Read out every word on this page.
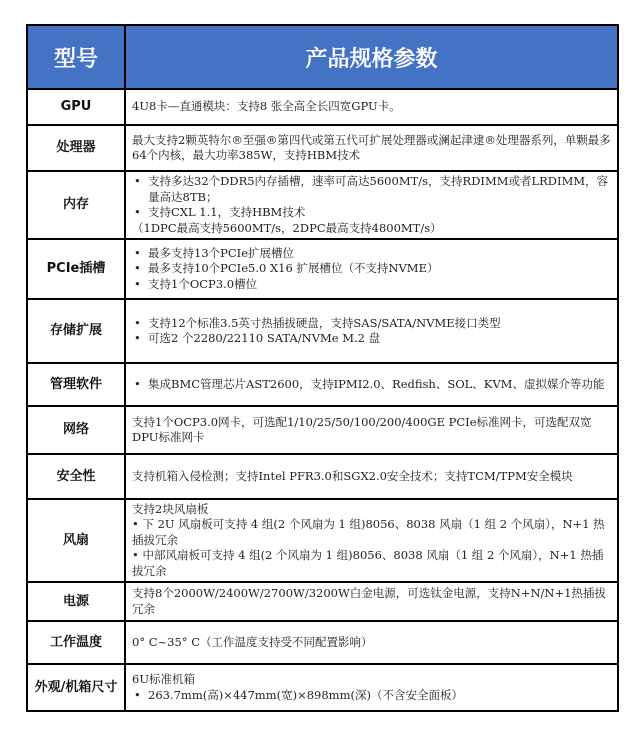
型号	产品规格参数
GPU	4U8卡—直通模块：支持8 张全高全长四宽GPU卡。

处理器	最大支持2颗英特尔®至强®第四代或第五代可扩展处理器或澜起津逮®处理器系列，单颗最多64个内核，最大功率385W，支持HBM技术

内存	• 支持多达32个DDR5内存插槽，速率可高达5600MT/s，支持RDIMM或者LRDIMM，容量高达8TB；
• 支持CXL 1.1，支持HBM技术
（1DPC最高支持5600MT/s，2DPC最高支持4800MT/s）

PCIe插槽	• 最多支持13个PCIe扩展槽位
• 最多支持10个PCIe5.0 X16 扩展槽位（不支持NVME）
• 支持1个OCP3.0槽位

存储扩展	• 支持12个标准3.5英寸热插拔硬盘，支持SAS/SATA/NVME接口类型
• 可选2 个2280/22110 SATA/NVMe M.2 盘

管理软件	• 集成BMC管理芯片AST2600，支持IPMI2.0、Redfish、SOL、KVM、虚拟媒介等功能

网络	支持1个OCP3.0网卡，可选配1/10/25/50/100/200/400GE PCIe标准网卡，可选配双宽DPU标准网卡

安全性	支持机箱入侵检测；支持Intel PFR3.0和SGX2.0安全技术；支持TCM/TPM安全模块

风扇	支持2块风扇板
• 下 2U 风扇板可支持 4 组(2 个风扇为 1 组)8056、8038 风扇（1 组 2 个风扇），N+1 热插拔冗余
• 中部风扇板可支持 4 组(2 个风扇为 1 组)8056、8038 风扇（1 组 2 个风扇），N+1 热插拔冗余

电源	支持8个2000W/2400W/2700W/3200W白金电源，可选钛金电源，支持N+N/N+1热插拔冗余

工作温度	0° C~35° C（工作温度支持受不同配置影响）

外观/机箱尺寸	6U标准机箱
• 263.7mm(高)×447mm(宽)×898mm(深)（不含安全面板）
